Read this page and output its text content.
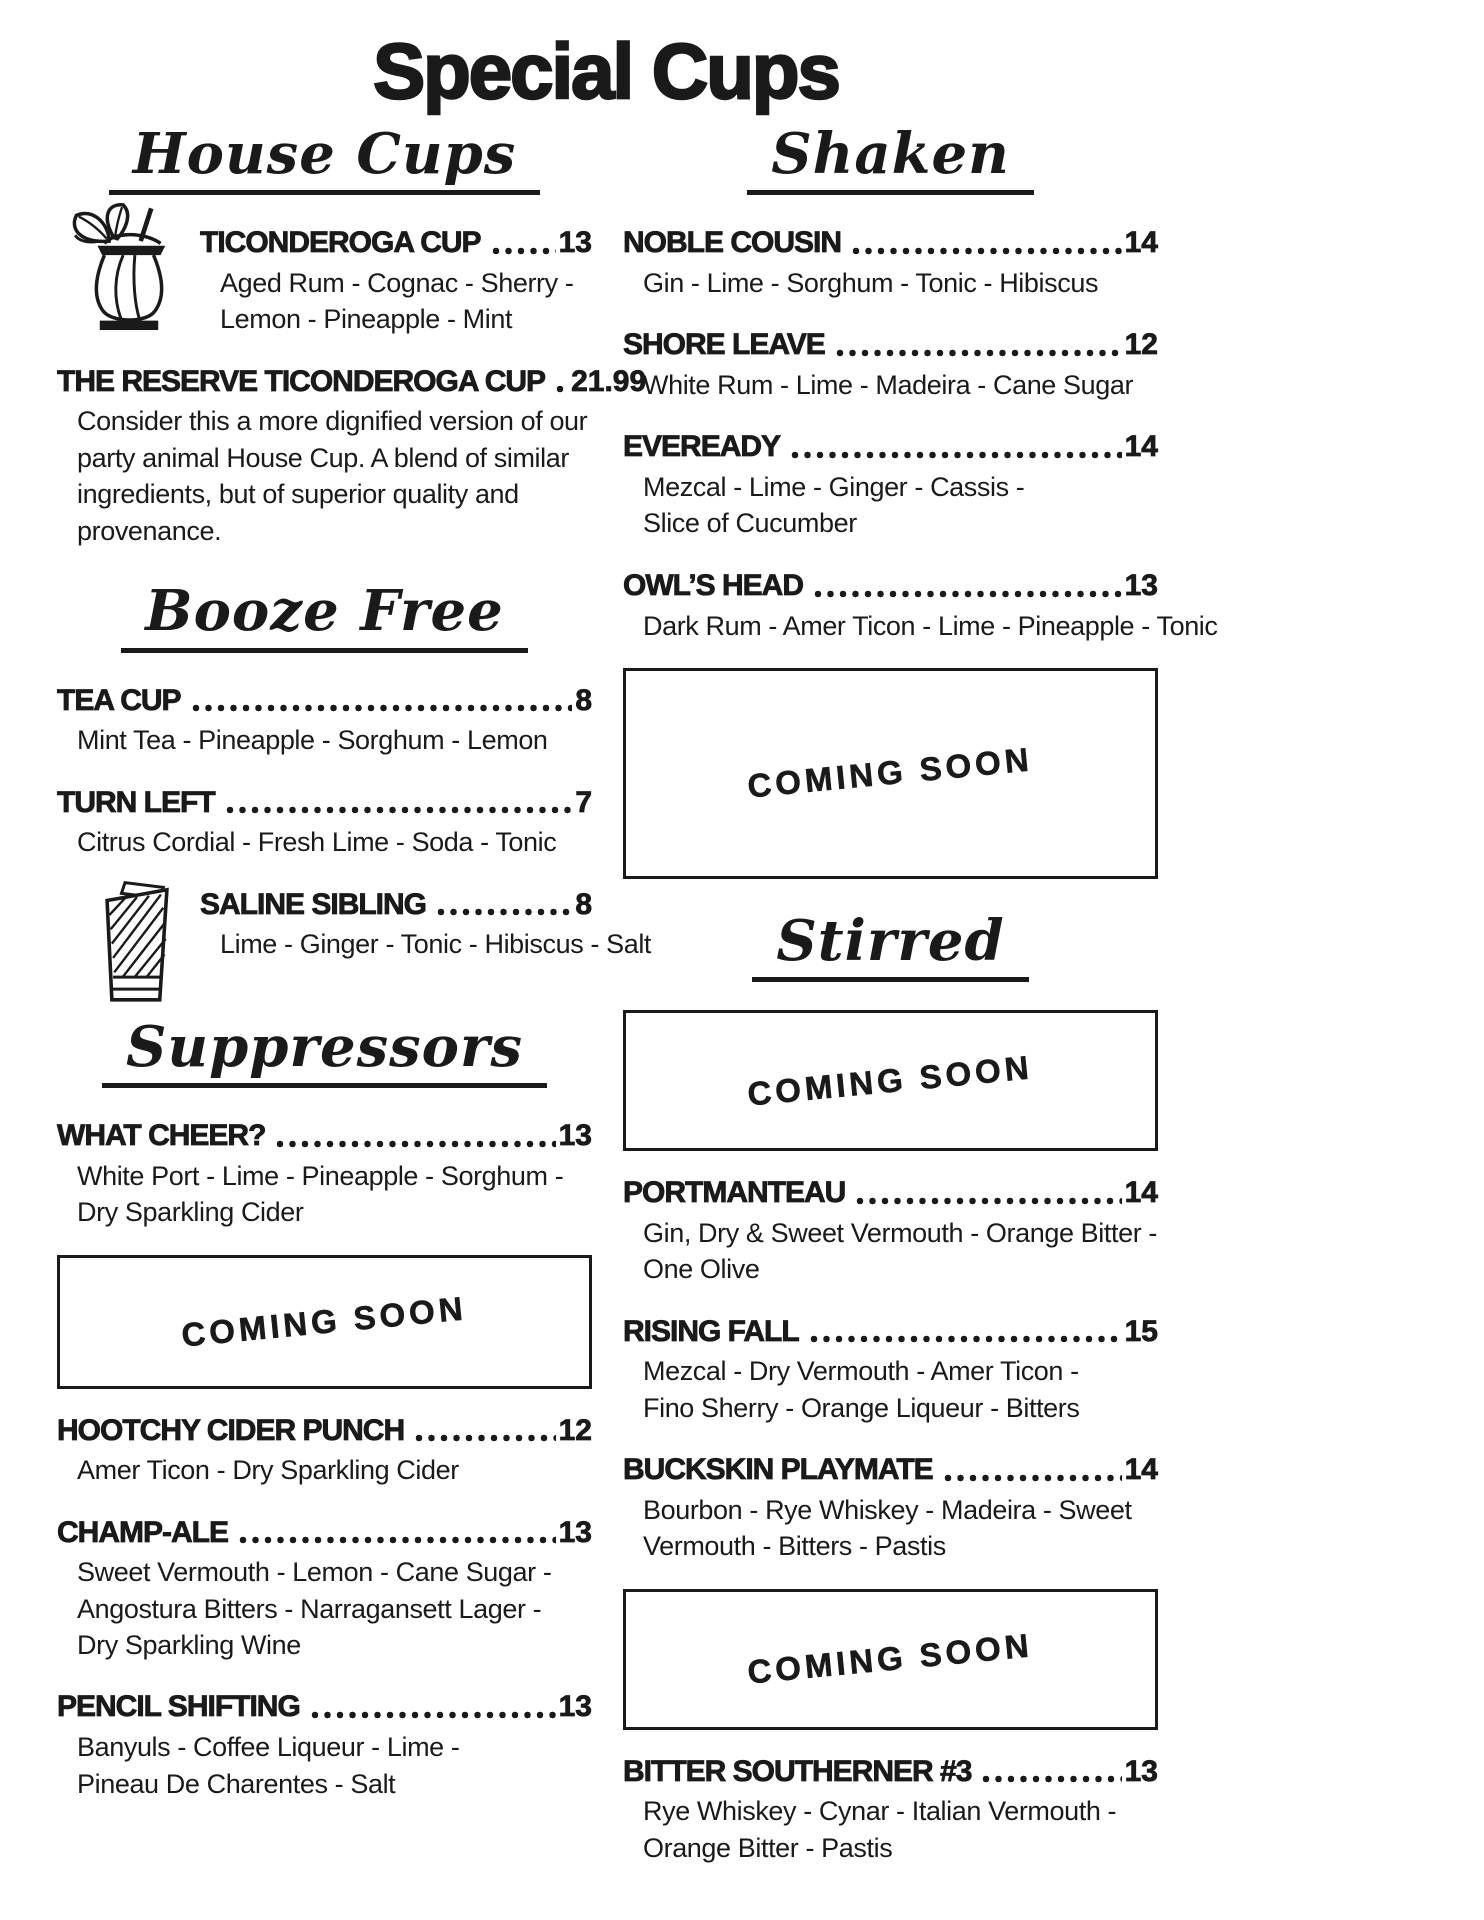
Special Cups
House Cups
TICONDEROGA CUP	13
Aged Rum - Cognac - Sherry -
Lemon - Pineapple - Mint
THE RESERVE TICONDEROGA CUP 21.99
Consider this a more dignified version of our
party animal House Cup. A blend of similar
ingredients, but of superior quality and
provenance.
Booze Free
TEA CUP	8
Mint Tea - Pineapple - Sorghum - Lemon
TURN LEFT	7
Citrus Cordial - Fresh Lime - Soda - Tonic
SALINE SIBLING	8
Lime - Ginger - Tonic - Hibiscus - Salt
Suppressors
WHAT CHEER?	13
White Port - Lime - Pineapple - Sorghum -
Dry Sparkling Cider
COMING SOON
HOOTCHY CIDER PUNCH	12
Amer Ticon - Dry Sparkling Cider
CHAMP-ALE	13
Sweet Vermouth - Lemon - Cane Sugar -
Angostura Bitters - Narragansett Lager -
Dry Sparkling Wine
PENCIL SHIFTING	13
Banyuls - Coffee Liqueur - Lime -
Pineau De Charentes - Salt
Shaken
NOBLE COUSIN	14
Gin - Lime - Sorghum - Tonic - Hibiscus
SHORE LEAVE	12
White Rum - Lime - Madeira - Cane Sugar
EVEREADY	14
Mezcal - Lime - Ginger - Cassis -
Slice of Cucumber
OWL’S HEAD	13
Dark Rum - Amer Ticon - Lime - Pineapple - Tonic
COMING SOON
Stirred
COMING SOON
PORTMANTEAU	14
Gin, Dry & Sweet Vermouth - Orange Bitter -
One Olive
RISING FALL	15
Mezcal - Dry Vermouth - Amer Ticon -
Fino Sherry - Orange Liqueur - Bitters
BUCKSKIN PLAYMATE	14
Bourbon - Rye Whiskey - Madeira - Sweet
Vermouth - Bitters - Pastis
COMING SOON
BITTER SOUTHERNER #3	13
Rye Whiskey - Cynar - Italian Vermouth -
Orange Bitter - Pastis
